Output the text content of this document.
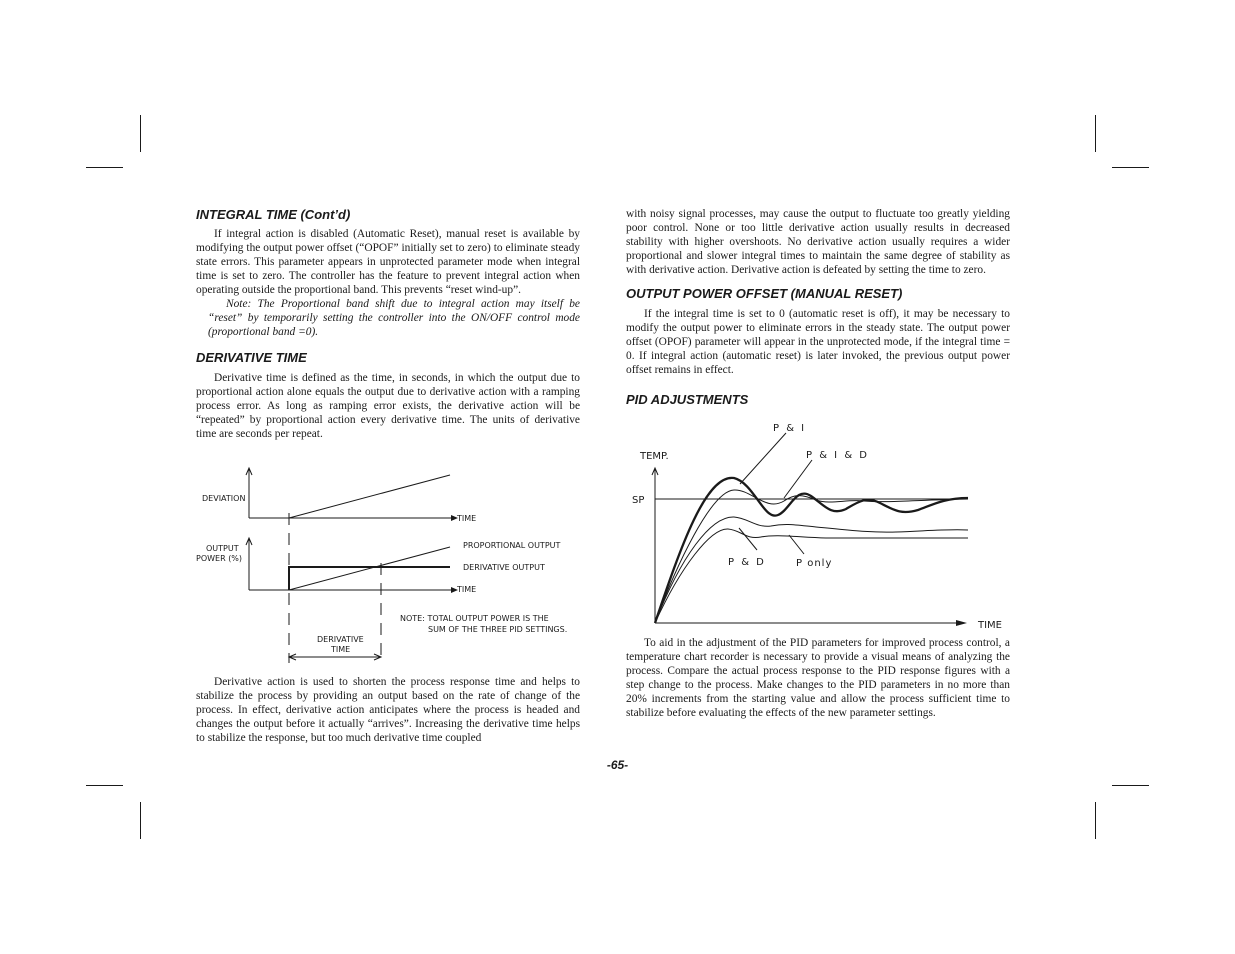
INTEGRAL TIME (Cont’d)

If integral action is disabled (Automatic Reset), manual reset is available by modifying the output power offset (“OPOF” initially set to zero) to eliminate steady state errors. This parameter appears in unprotected parameter mode when integral time is set to zero. The controller has the feature to prevent integral action when operating outside the proportional band. This prevents “reset wind-up”.

Note: The Proportional band shift due to integral action may itself be “reset” by temporarily setting the controller into the ON/OFF control mode (proportional band =0).

DERIVATIVE TIME

Derivative time is defined as the time, in seconds, in which the output due to proportional action alone equals the output due to derivative action with a ramping process error. As long as ramping error exists, the derivative action will be “repeated” by proportional action every derivative time. The units of derivative time are seconds per repeat.

DEVIATION
TIME
OUTPUT
POWER (%)
PROPORTIONAL OUTPUT
DERIVATIVE OUTPUT
TIME
NOTE: TOTAL OUTPUT POWER IS THE
SUM OF THE THREE PID SETTINGS.
DERIVATIVE
TIME

Derivative action is used to shorten the process response time and helps to stabilize the process by providing an output based on the rate of change of the process. In effect, derivative action anticipates where the process is headed and changes the output before it actually “arrives”. Increasing the derivative time helps to stabilize the response, but too much derivative time coupled

with noisy signal processes, may cause the output to fluctuate too greatly yielding poor control. None or too little derivative action usually results in decreased stability with higher overshoots. No derivative action usually requires a wider proportional and slower integral times to maintain the same degree of stability as with derivative action. Derivative action is defeated by setting the time to zero.

OUTPUT POWER OFFSET (MANUAL RESET)

If the integral time is set to 0 (automatic reset is off), it may be necessary to modify the output power to eliminate errors in the steady state. The output power offset (OPOF) parameter will appear in the unprotected mode, if the integral time = 0. If integral action (automatic reset) is later invoked, the previous output power offset remains in effect.

PID ADJUSTMENTS
TEMP.
SP
TIME
P & I
P & I & D
P & D	P only

To aid in the adjustment of the PID parameters for improved process control, a temperature chart recorder is necessary to provide a visual means of analyzing the process. Compare the actual process response to the PID response figures with a step change to the process. Make changes to the PID parameters in no more than 20% increments from the starting value and allow the process sufficient time to stabilize before evaluating the effects of the new parameter settings.

-65-
